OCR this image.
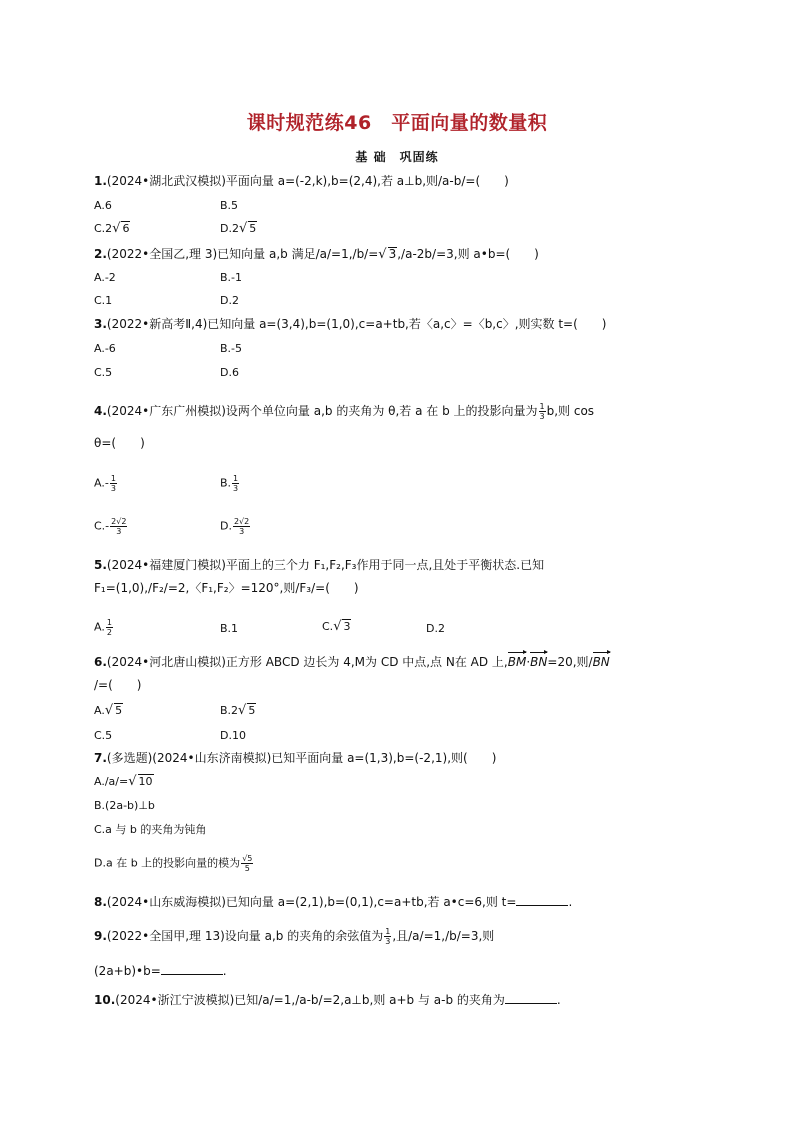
课时规范练46　平面向量的数量积
基 础　巩固练
1.(2024•湖北武汉模拟)平面向量 a=(-2,k),b=(2,4),若 a⊥b,则/a-b/=(　　)
A.6	B.5
C.2√ 6	D.2√ 5
2.(2022•全国乙,理 3)已知向量 a,b 满足/a/=1,/b/=√ 3,/a-2b/=3,则 a•b=(　　)
A.-2	B.-1
C.1	D.2
3.(2022•新高考Ⅱ,4)已知向量 a=(3,4),b=(1,0),c=a+tb,若〈a,c〉=〈b,c〉,则实数 t=(　　)
A.-6	B.-5
C.5	D.6
4.(2024•广东广州模拟)设两个单位向量 a,b 的夹角为 θ,若 a 在 b 上的投影向量为 $\frac{1}{3} b$,则 cos
θ=(　　)
$A.- \frac{1}{3}$	B. $\frac{1}{3}$
$C.- \frac{2√2}{3}$	D. $\frac{2√2}{3}$
5.(2024•福建厦门模拟)平面上的三个力 F₁,F₂,F₃作用于同一点,且处于平衡状态.已知
F₁=(1,0),/F₂/=2,〈F₁,F₂〉=120°,则/F₃/=(　　)
A. $\frac{1}{2}$	B.1	C.√ 3	D.2
6.(2024•河北唐山模拟)正方形 ABCD 边长为 4,M为 CD 中点,点 N在 AD 上,BM·BN=20,则/BN
/=(　　)
A.√ 5	B.2√ 5
C.5	D.10
7.(多选题)(2024•山东济南模拟)已知平面向量 a=(1,3),b=(-2,1),则(　　)
A./a/=√ 10
B.(2a-b)⊥b
C.a 与 b 的夹角为钝角
D.a 在 b 上的投影向量的模为 $\frac{√5}{5}$
8.(2024•山东威海模拟)已知向量 a=(2,1),b=(0,1),c=a+tb,若 a•c=6,则 t=	.
9.(2022•全国甲,理 13)设向量 a,b 的夹角的余弦值为 $\frac{1}{3}$ ,且/a/=1,/b/=3,则
(2a+b)•b=	.
10.(2024•浙江宁波模拟)已知/a/=1,/a-b/=2,a⊥b,则 a+b 与 a-b 的夹角为	.
